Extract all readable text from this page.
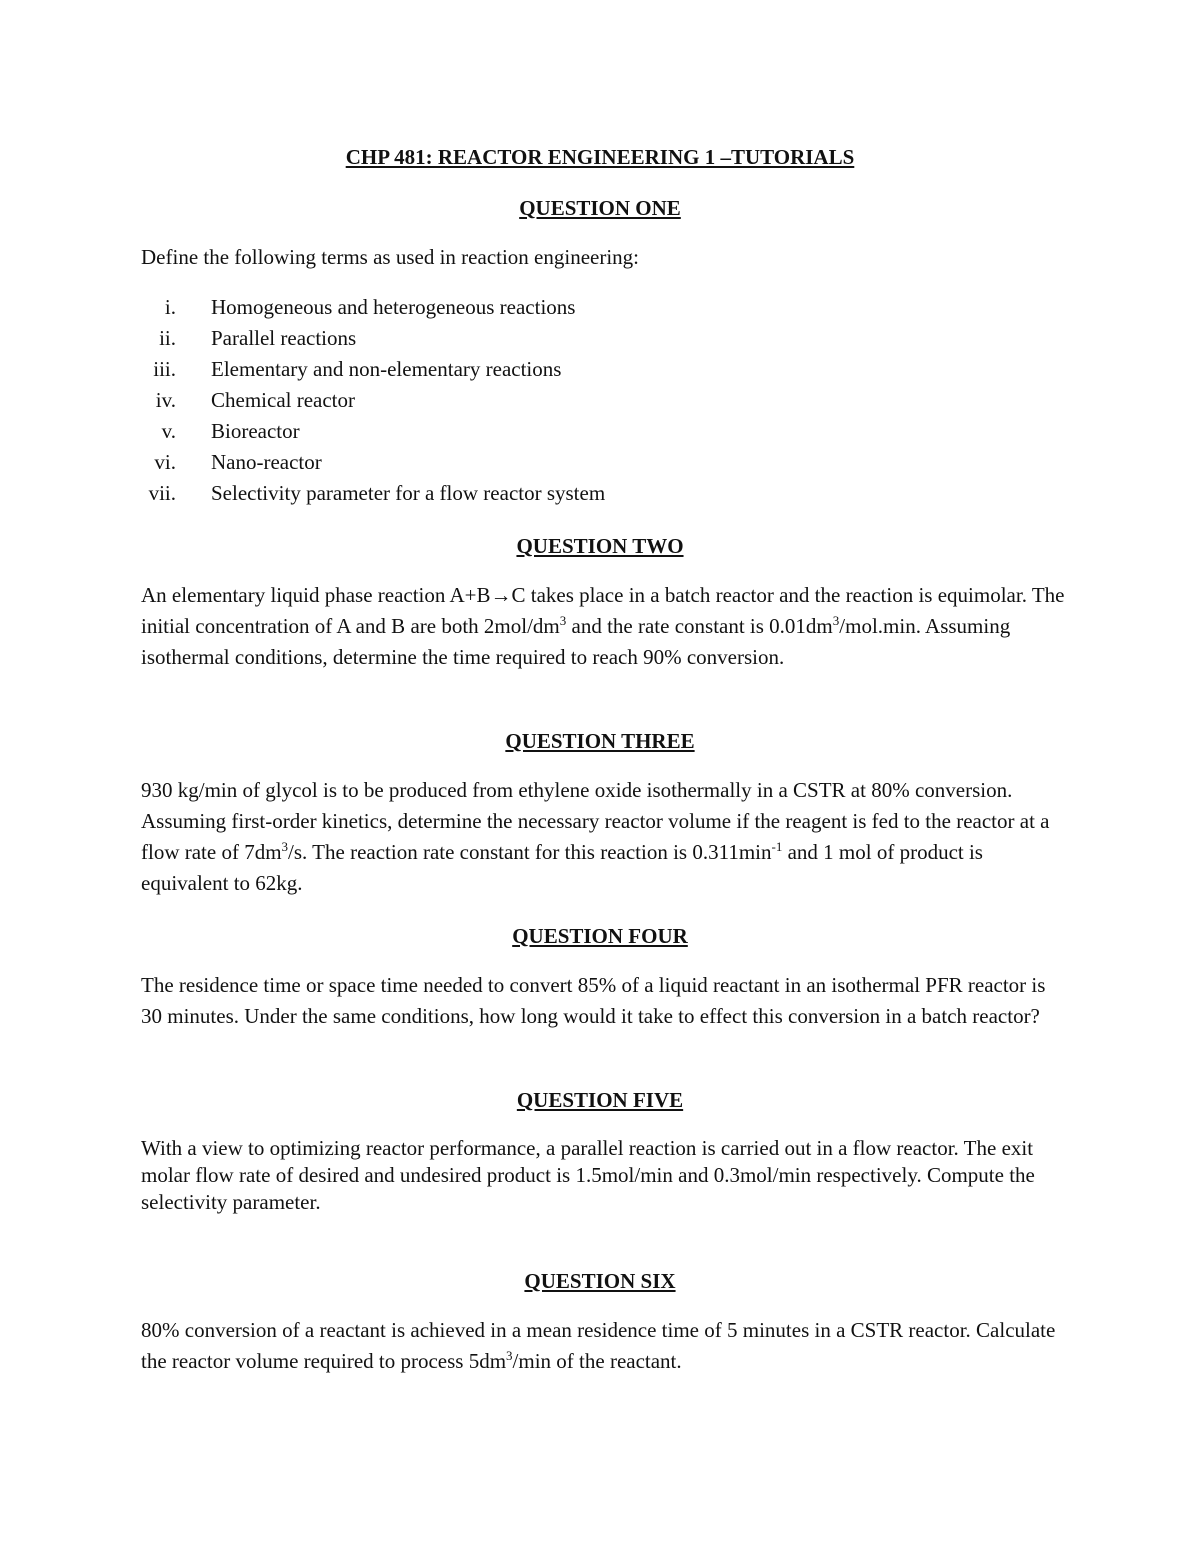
CHP 481: REACTOR ENGINEERING 1 –TUTORIALS
QUESTION ONE
Define the following terms as used in reaction engineering:
i. Homogeneous and heterogeneous reactions
ii. Parallel reactions
iii. Elementary and non-elementary reactions
iv. Chemical reactor
v. Bioreactor
vi. Nano-reactor
vii. Selectivity parameter for a flow reactor system
QUESTION TWO
An elementary liquid phase reaction A+B→C takes place in a batch reactor and the reaction is equimolar. The initial concentration of A and B are both $2mol/dm^3$ and the rate constant is $0.01dm^3/mol.\min$. Assuming isothermal conditions, determine the time required to reach 90% conversion.
QUESTION THREE
930 kg/min of glycol is to be produced from ethylene oxide isothermally in a CSTR at 80% conversion. Assuming first-order kinetics, determine the necessary reactor volume if the reagent is fed to the reactor at a flow rate of $7dm^3/s$. The reaction rate constant for this reaction is $0.311\min^{-1}$ and 1 mol of product is equivalent to 62kg.
QUESTION FOUR
The residence time or space time needed to convert 85% of a liquid reactant in an isothermal PFR reactor is 30 minutes. Under the same conditions, how long would it take to effect this conversion in a batch reactor?
QUESTION FIVE
With a view to optimizing reactor performance, a parallel reaction is carried out in a flow reactor. The exit molar flow rate of desired and undesired product is 1.5mol/min and 0.3mol/min respectively. Compute the selectivity parameter.
QUESTION SIX
80% conversion of a reactant is achieved in a mean residence time of 5 minutes in a CSTR reactor. Calculate the reactor volume required to process $5dm^3/\min$ of the reactant.
